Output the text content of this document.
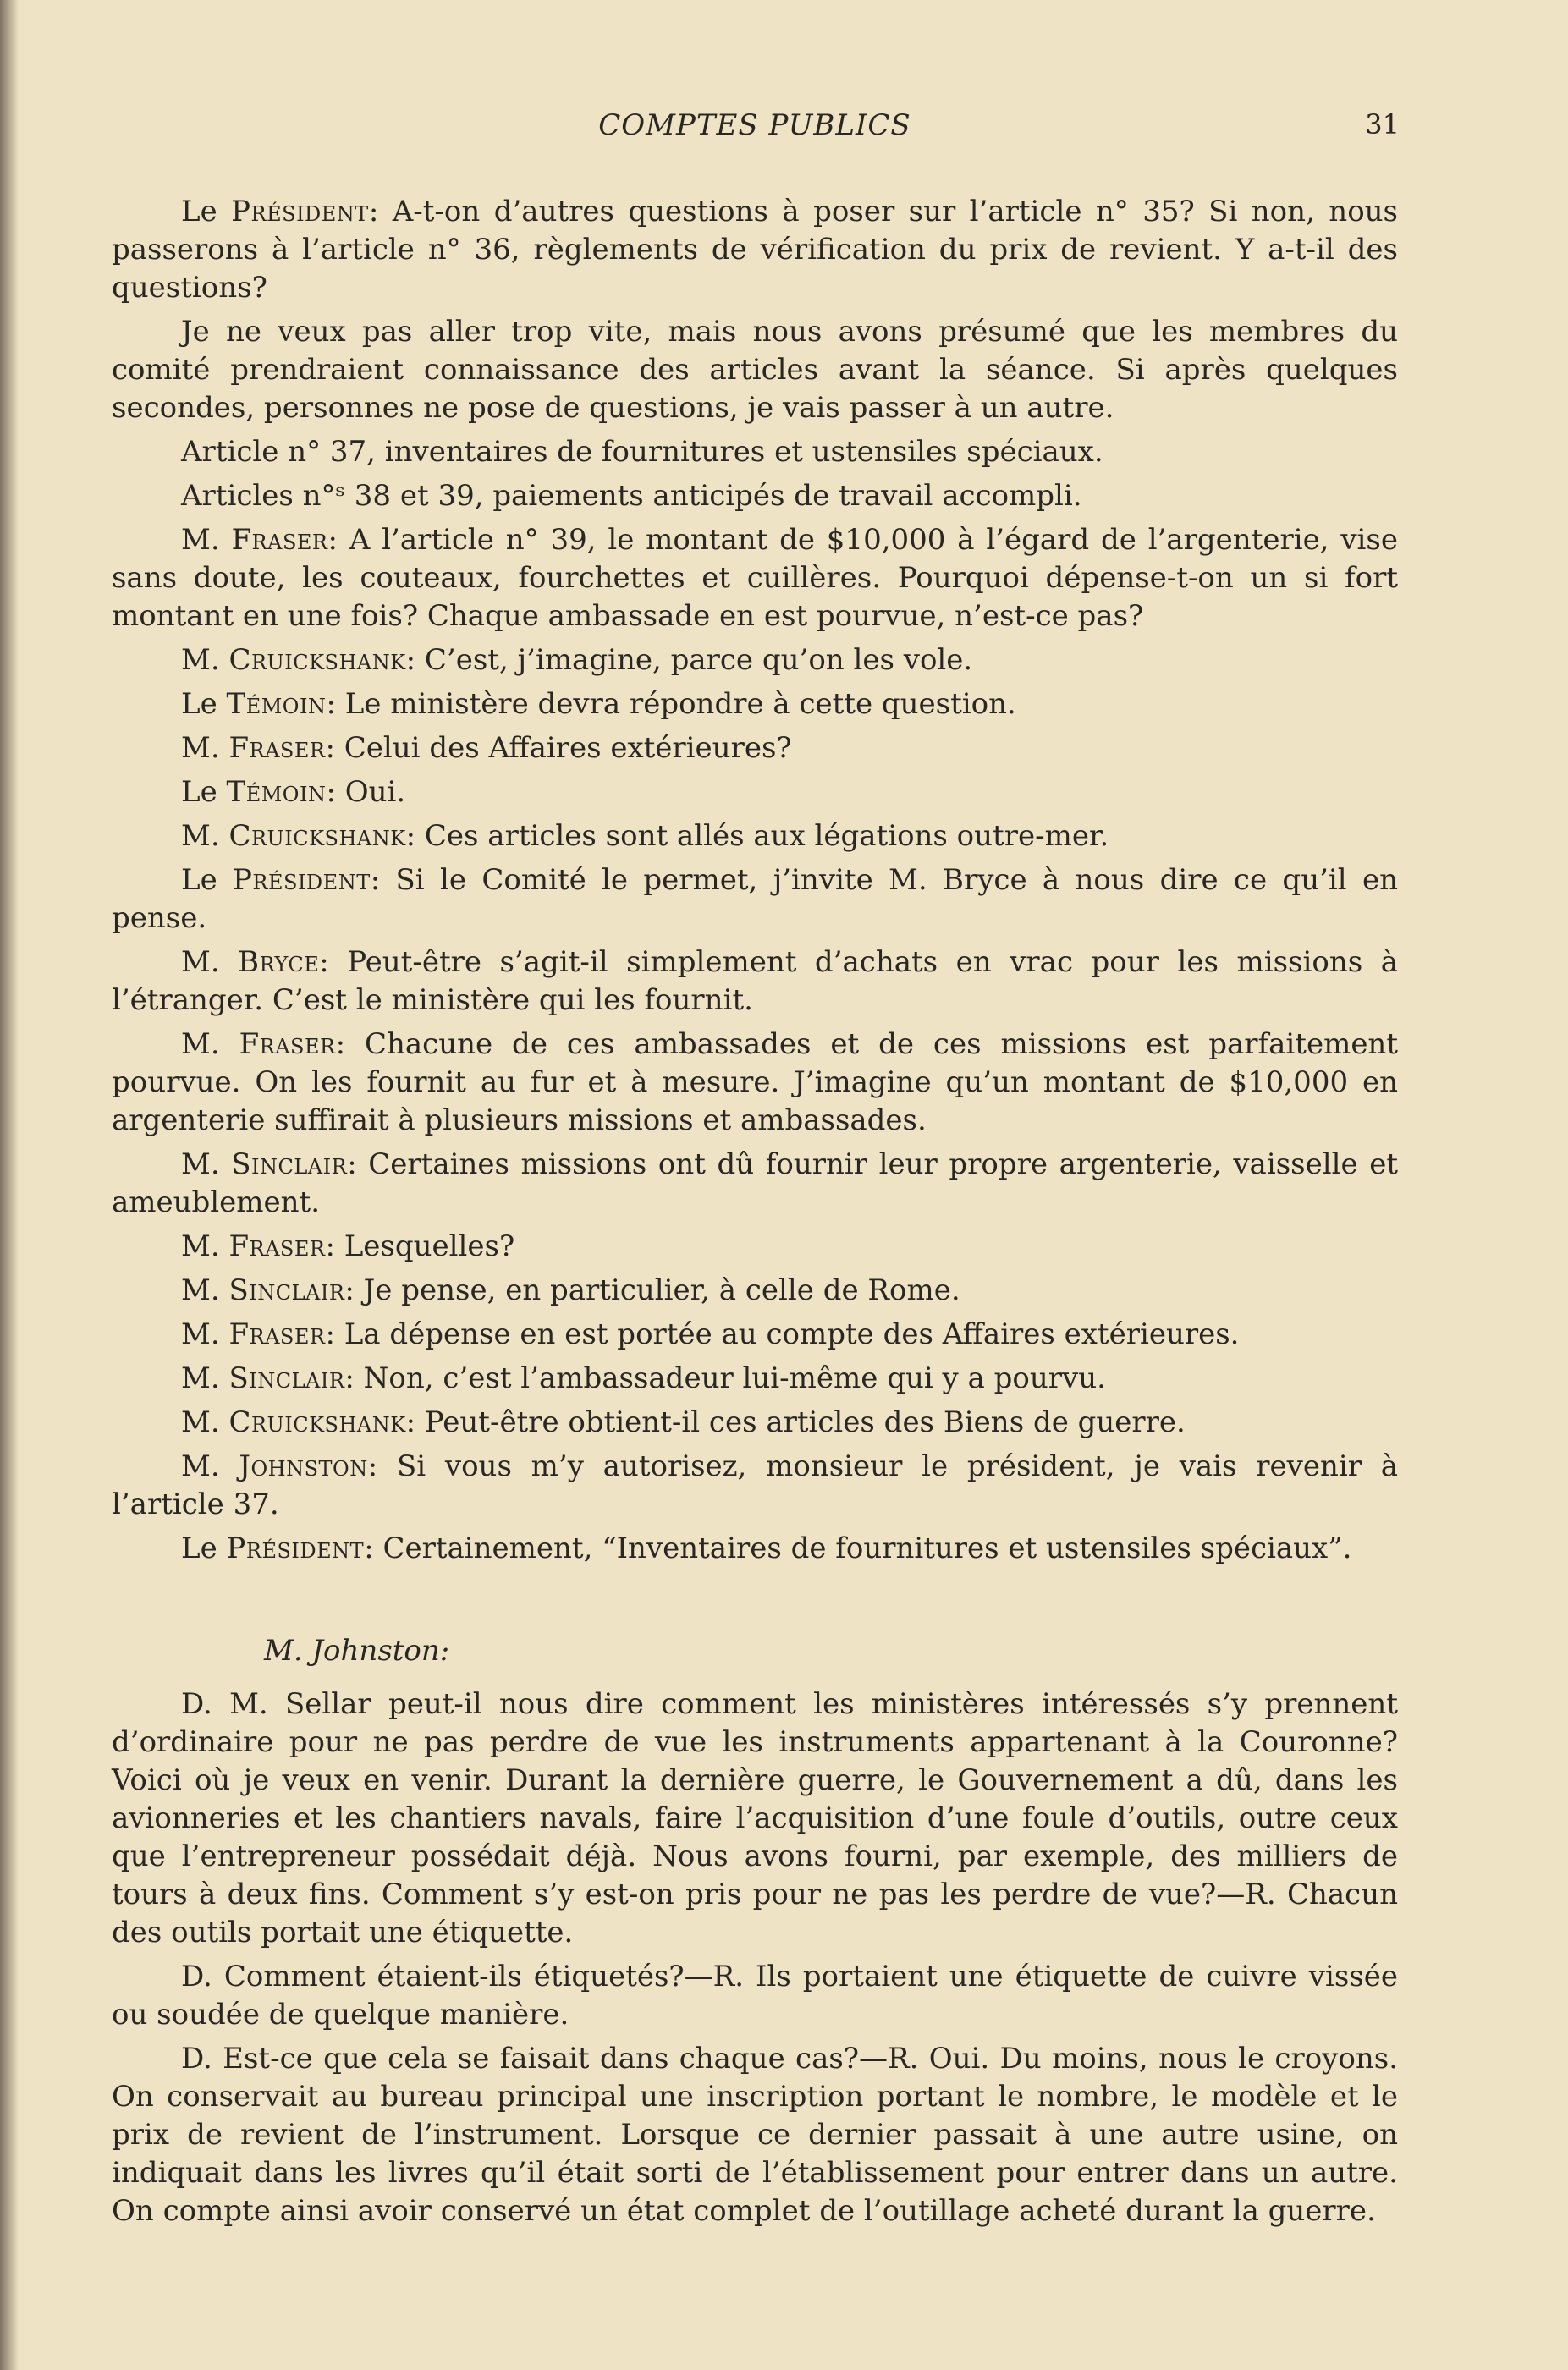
COMPTES PUBLICS	31

Le Président: A-t-on d’autres questions à poser sur l’article n° 35? Si non, nous passerons à l’article n° 36, règlements de vérification du prix de revient. Y a-t-il des questions?

Je ne veux pas aller trop vite, mais nous avons présumé que les membres du comité prendraient connaissance des articles avant la séance. Si après quelques secondes, personnes ne pose de questions, je vais passer à un autre.

Article n° 37, inventaires de fournitures et ustensiles spéciaux.

Articles n°ˢ 38 et 39, paiements anticipés de travail accompli.

M. Fraser: A l’article n° 39, le montant de $10,000 à l’égard de l’argenterie, vise sans doute, les couteaux, fourchettes et cuillères. Pourquoi dépense-t-on un si fort montant en une fois? Chaque ambassade en est pourvue, n’est-ce pas?

M. Cruickshank: C’est, j’imagine, parce qu’on les vole.

Le Témoin: Le ministère devra répondre à cette question.

M. Fraser: Celui des Affaires extérieures?

Le Témoin: Oui.

M. Cruickshank: Ces articles sont allés aux légations outre-mer.

Le Président: Si le Comité le permet, j’invite M. Bryce à nous dire ce qu’il en pense.

M. Bryce: Peut-être s’agit-il simplement d’achats en vrac pour les missions à l’étranger. C’est le ministère qui les fournit.

M. Fraser: Chacune de ces ambassades et de ces missions est parfaitement pourvue. On les fournit au fur et à mesure. J’imagine qu’un montant de $10,000 en argenterie suffirait à plusieurs missions et ambassades.

M. Sinclair: Certaines missions ont dû fournir leur propre argenterie, vaisselle et ameublement.

M. Fraser: Lesquelles?

M. Sinclair: Je pense, en particulier, à celle de Rome.

M. Fraser: La dépense en est portée au compte des Affaires extérieures.

M. Sinclair: Non, c’est l’ambassadeur lui-même qui y a pourvu.

M. Cruickshank: Peut-être obtient-il ces articles des Biens de guerre.

M. Johnston: Si vous m’y autorisez, monsieur le président, je vais revenir à l’article 37.

Le Président: Certainement, “Inventaires de fournitures et ustensiles spéciaux”.

M. Johnston:

D. M. Sellar peut-il nous dire comment les ministères intéressés s’y prennent d’ordinaire pour ne pas perdre de vue les instruments appartenant à la Couronne? Voici où je veux en venir. Durant la dernière guerre, le Gouvernement a dû, dans les avionneries et les chantiers navals, faire l’acquisition d’une foule d’outils, outre ceux que l’entrepreneur possédait déjà. Nous avons fourni, par exemple, des milliers de tours à deux fins. Comment s’y est-on pris pour ne pas les perdre de vue?—R. Chacun des outils portait une étiquette.

D. Comment étaient-ils étiquetés?—R. Ils portaient une étiquette de cuivre vissée ou soudée de quelque manière.

D. Est-ce que cela se faisait dans chaque cas?—R. Oui. Du moins, nous le croyons. On conservait au bureau principal une inscription portant le nombre, le modèle et le prix de revient de l’instrument. Lorsque ce dernier passait à une autre usine, on indiquait dans les livres qu’il était sorti de l’établissement pour entrer dans un autre. On compte ainsi avoir conservé un état complet de l’outillage acheté durant la guerre.
